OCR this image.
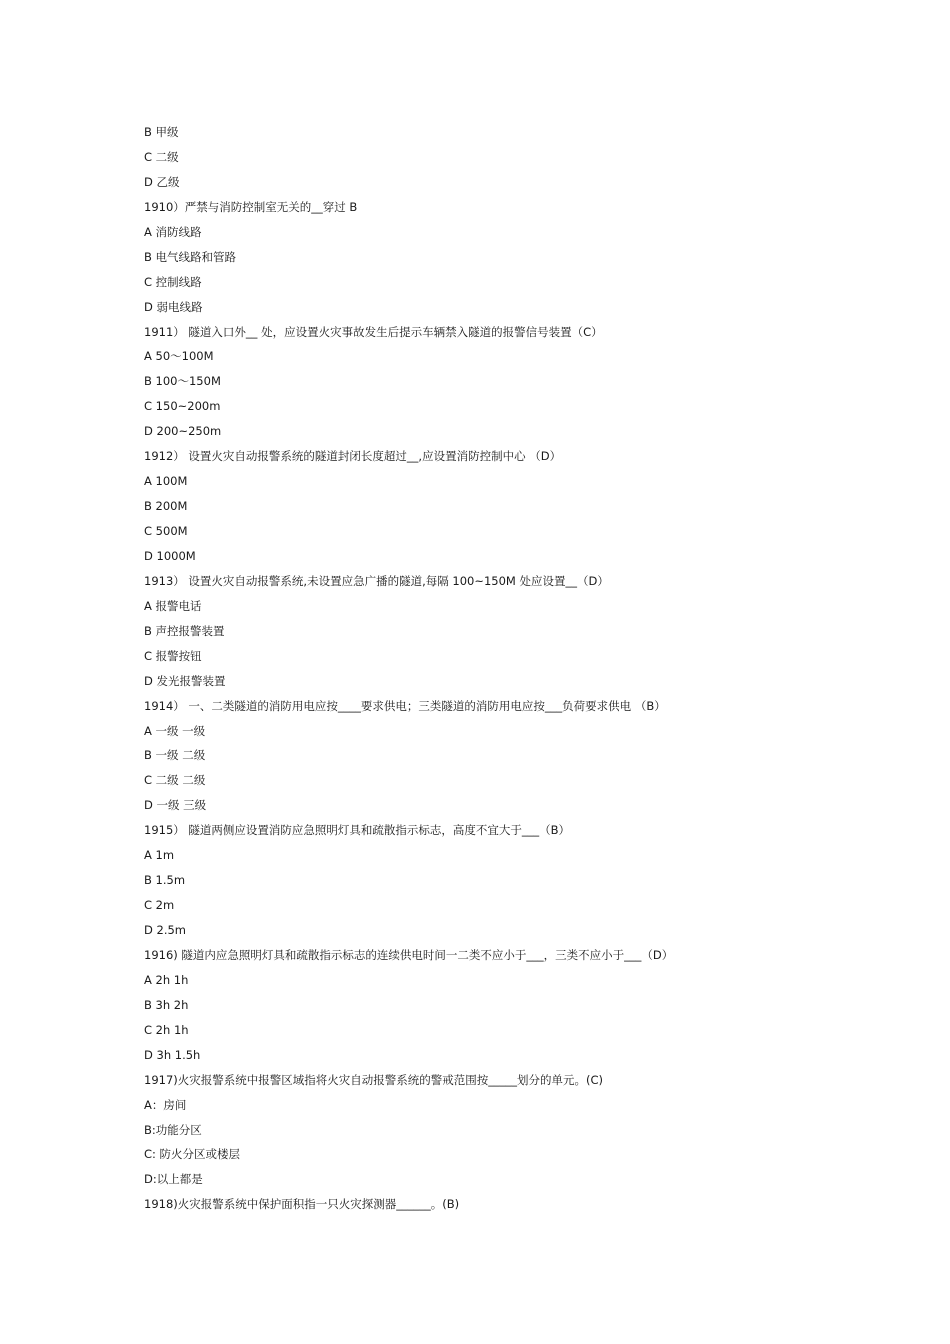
B 甲级
C 二级
D 乙级
1910）严禁与消防控制室无关的__穿过 B
A 消防线路
B 电气线路和管路
C 控制线路
D 弱电线路
1911） 隧道入口外__ 处，应设置火灾事故发生后提示车辆禁入隧道的报警信号装置（C）
A 50～100M
B 100～150M
C 150~200m
D 200~250m
1912） 设置火灾自动报警系统的隧道封闭长度超过__,应设置消防控制中心 （D）
A 100M
B 200M
C 500M
D 1000M
1913） 设置火灾自动报警系统,未设置应急广播的隧道,每隔 100~150M 处应设置__（D）
A 报警电话
B 声控报警装置
C 报警按钮
D 发光报警装置
1914） 一、二类隧道的消防用电应按____要求供电；三类隧道的消防用电应按___负荷要求供电 （B）
A 一级 一级
B 一级 二级
C 二级 二级
D 一级 三级
1915） 隧道两侧应设置消防应急照明灯具和疏散指示标志，高度不宜大于___（B）
A 1m
B 1.5m
C 2m
D 2.5m
1916) 隧道内应急照明灯具和疏散指示标志的连续供电时间一二类不应小于___，三类不应小于___（D）
A 2h 1h
B 3h 2h
C 2h 1h
D 3h 1.5h
1917)火灾报警系统中报警区域指将火灾自动报警系统的警戒范围按_____划分的单元。(C)
A：房间
B:功能分区
C: 防火分区或楼层
D:以上都是
1918)火灾报警系统中保护面积指一只火灾探测器______。(B)
